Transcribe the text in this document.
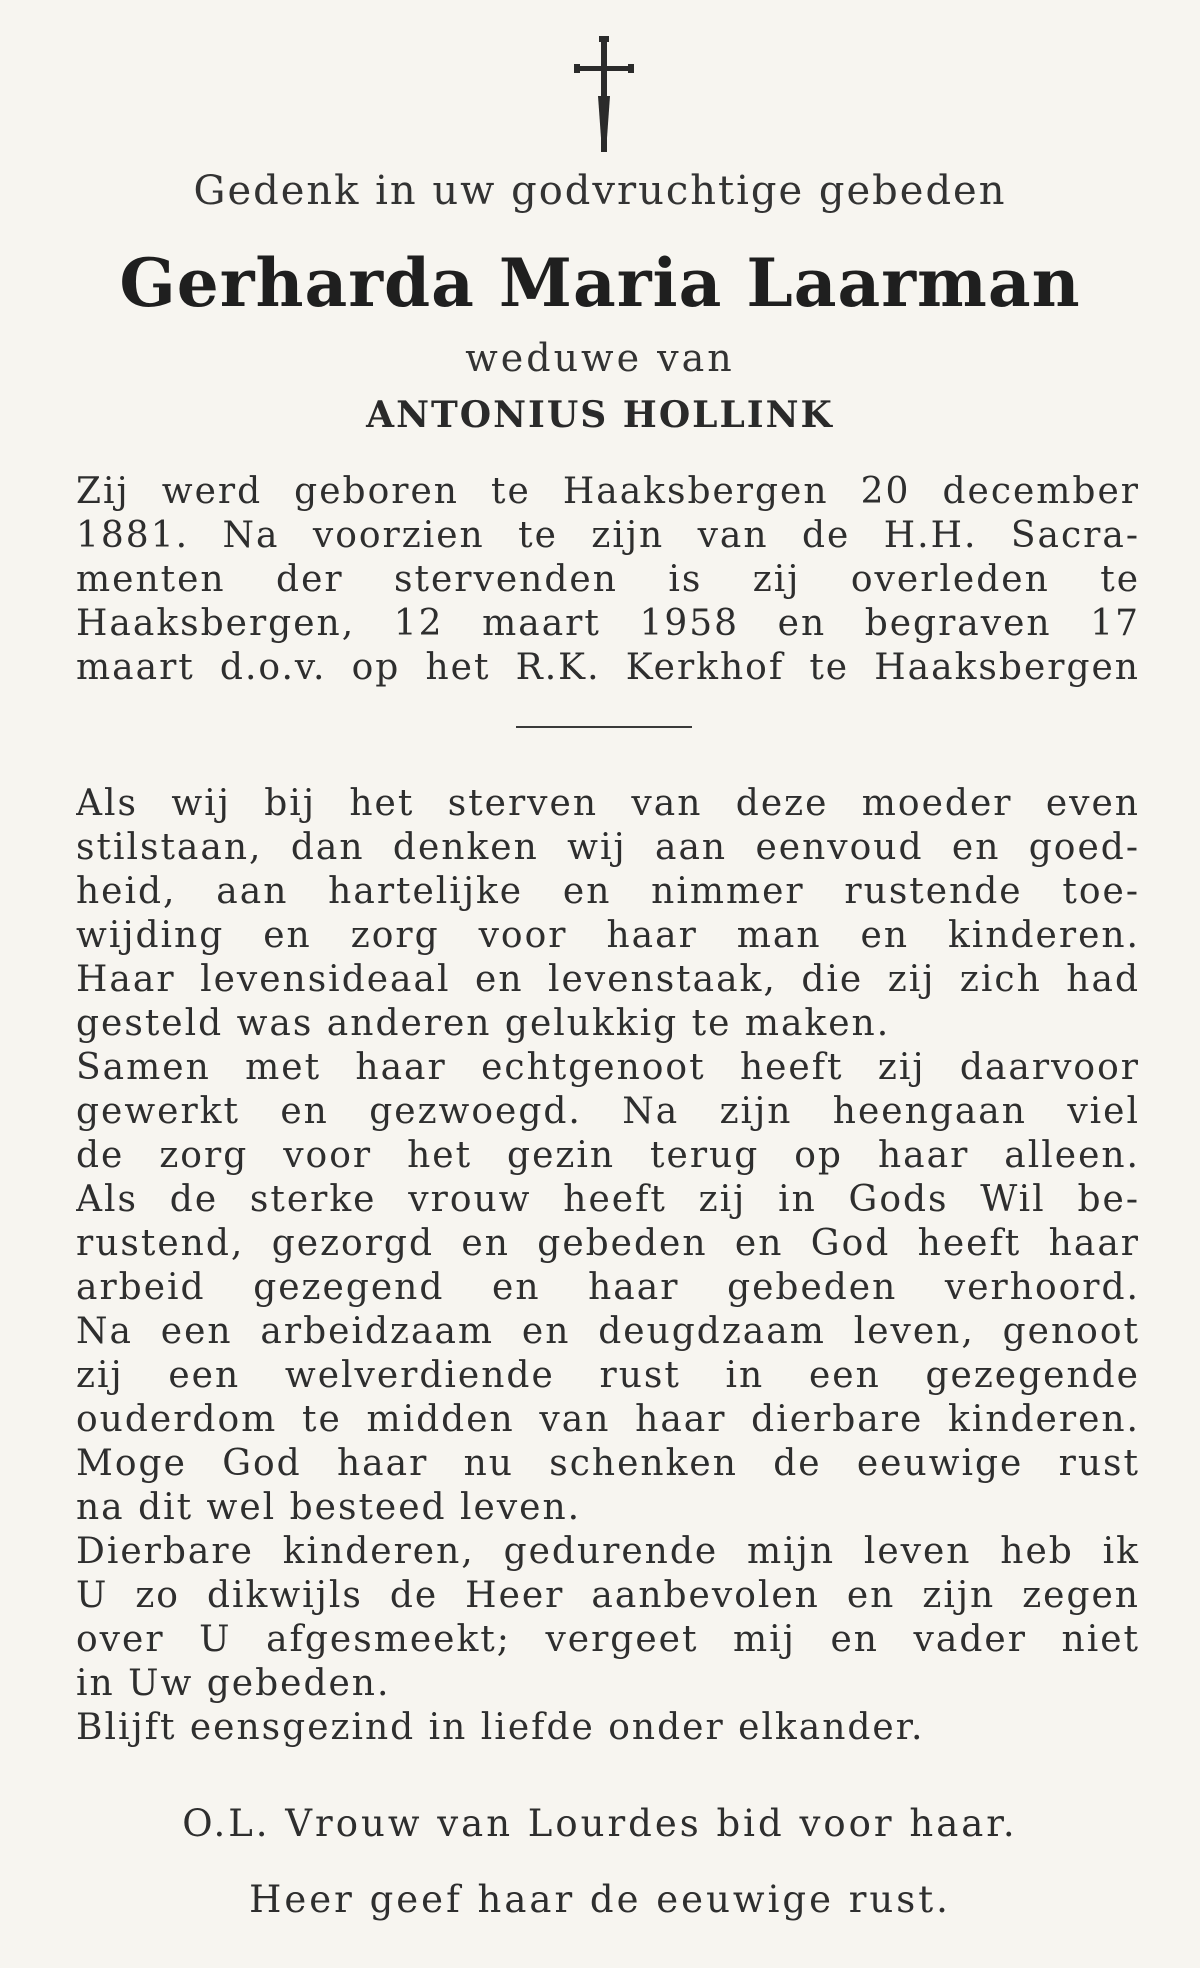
Gedenk in uw godvruchtige gebeden
Gerharda Maria Laarman
weduwe van
ANTONIUS HOLLINK
Zij werd geboren te Haaksbergen 20 december
1881. Na voorzien te zijn van de H.H. Sacra-
menten der stervenden is zij overleden te
Haaksbergen, 12 maart 1958 en begraven 17
maart d.o.v. op het R.K. Kerkhof te Haaksbergen
Als wij bij het sterven van deze moeder even
stilstaan, dan denken wij aan eenvoud en goed-
heid, aan hartelijke en nimmer rustende toe-
wijding en zorg voor haar man en kinderen.
Haar levensideaal en levenstaak, die zij zich had
gesteld was anderen gelukkig te maken.
Samen met haar echtgenoot heeft zij daarvoor
gewerkt en gezwoegd. Na zijn heengaan viel
de zorg voor het gezin terug op haar alleen.
Als de sterke vrouw heeft zij in Gods Wil be-
rustend, gezorgd en gebeden en God heeft haar
arbeid gezegend en haar gebeden verhoord.
Na een arbeidzaam en deugdzaam leven, genoot
zij een welverdiende rust in een gezegende
ouderdom te midden van haar dierbare kinderen.
Moge God haar nu schenken de eeuwige rust
na dit wel besteed leven.
Dierbare kinderen, gedurende mijn leven heb ik
U zo dikwijls de Heer aanbevolen en zijn zegen
over U afgesmeekt; vergeet mij en vader niet
in Uw gebeden.
Blijft eensgezind in liefde onder elkander.
O.L. Vrouw van Lourdes bid voor haar.
Heer geef haar de eeuwige rust.
